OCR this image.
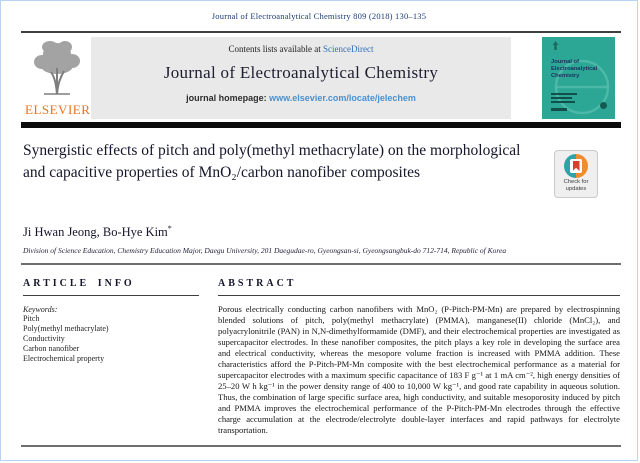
Journal of Electroanalytical Chemistry 809 (2018) 130–135
ELSEVIER
Contents lists available at ScienceDirect
Journal of Electroanalytical Chemistry
journal homepage: www.elsevier.com/locate/jelechem
Journal of Electroanalytical Chemistry
Synergistic effects of pitch and poly(methyl methacrylate) on the morphological and capacitive properties of MnO₂/carbon nanofiber composites
Check for
updates
Ji Hwan Jeong, Bo-Hye Kim*
Division of Science Education, Chemistry Education Major, Daegu University, 201 Daegudae-ro, Gyeongsan-si, Gyeongsangbuk-do 712-714, Republic of Korea
ARTICLE INFO
Keywords:
Pitch
Poly(methyl methacrylate)
Conductivity
Carbon nanofiber
Electrochemical property
ABSTRACT

Porous electrically conducting carbon nanofibers with MnO₂ (P-Pitch-PM-Mn) are prepared by electrospinning blended solutions of pitch, poly(methyl methacrylate) (PMMA), manganese(II) chloride (MnCl₂), and polyacrylonitrile (PAN) in N,N-dimethylformamide (DMF), and their electrochemical properties are investigated as supercapacitor electrodes. In these nanofiber composites, the pitch plays a key role in developing the surface area and electrical conductivity, whereas the mesopore volume fraction is increased with PMMA addition. These characteristics afford the P-Pitch-PM-Mn composite with the best electrochemical performance as a material for supercapacitor electrodes with a maximum specific capacitance of 183 F g⁻¹ at 1 mA cm⁻², high energy densities of 25–20 W h kg⁻¹ in the power density range of 400 to 10,000 W kg⁻¹, and good rate capability in aqueous solution. Thus, the combination of large specific surface area, high conductivity, and suitable mesoporosity induced by pitch and PMMA improves the electrochemical performance of the P-Pitch-PM-Mn electrodes through the effective charge accumulation at the electrode/electrolyte double-layer interfaces and rapid pathways for electrolyte transportation.
